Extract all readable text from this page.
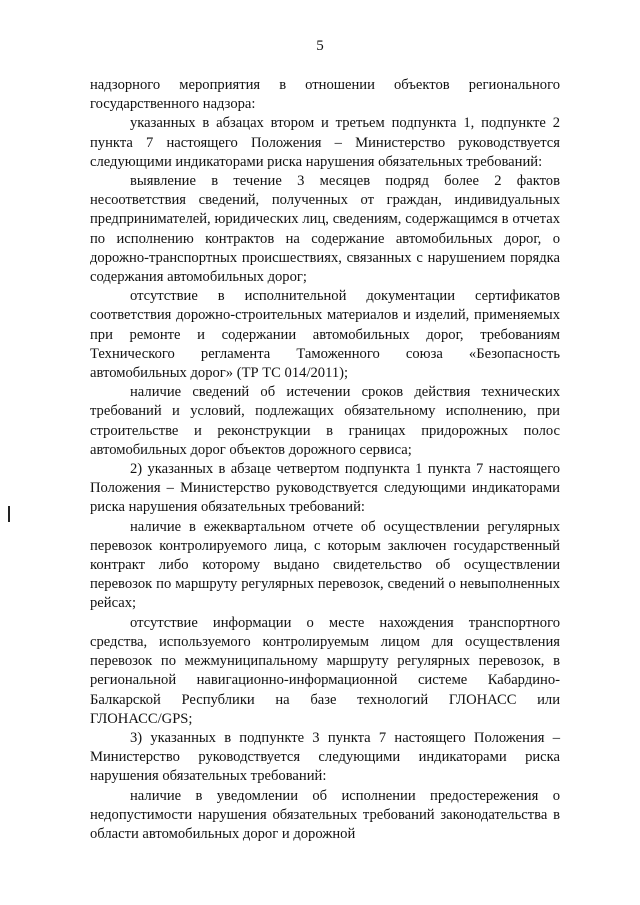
5

надзорного мероприятия в отношении объектов регионального государственного надзора:

указанных в абзацах втором и третьем подпункта 1, подпункте 2 пункта 7 настоящего Положения – Министерство руководствуется следующими индикаторами риска нарушения обязательных требований:

выявление в течение 3 месяцев подряд более 2 фактов несоответствия сведений, полученных от граждан, индивидуальных предпринимателей, юридических лиц, сведениям, содержащимся в отчетах по исполнению контрактов на содержание автомобильных дорог, о дорожно-транспортных происшествиях, связанных с нарушением порядка содержания автомобильных дорог;

отсутствие в исполнительной документации сертификатов соответствия дорожно-строительных материалов и изделий, применяемых при ремонте и содержании автомобильных дорог, требованиям Технического регламента Таможенного союза «Безопасность автомобильных дорог» (ТР ТС 014/2011);

наличие сведений об истечении сроков действия технических требований и условий, подлежащих обязательному исполнению, при строительстве и реконструкции в границах придорожных полос автомобильных дорог объектов дорожного сервиса;

2) указанных в абзаце четвертом подпункта 1 пункта 7 настоящего Положения – Министерство руководствуется следующими индикаторами риска нарушения обязательных требований:

наличие в ежеквартальном отчете об осуществлении регулярных перевозок контролируемого лица, с которым заключен государственный контракт либо которому выдано свидетельство об осуществлении перевозок по маршруту регулярных перевозок, сведений о невыполненных рейсах;

отсутствие информации о месте нахождения транспортного средства, используемого контролируемым лицом для осуществления перевозок по межмуниципальному маршруту регулярных перевозок, в региональной навигационно-информационной системе Кабардино-Балкарской Республики на базе технологий ГЛОНАСС или ГЛОНАСС/GPS;

3) указанных в подпункте 3 пункта 7 настоящего Положения – Министерство руководствуется следующими индикаторами риска нарушения обязательных требований:

наличие в уведомлении об исполнении предостережения о недопустимости нарушения обязательных требований законодательства в области автомобильных дорог и дорожной
